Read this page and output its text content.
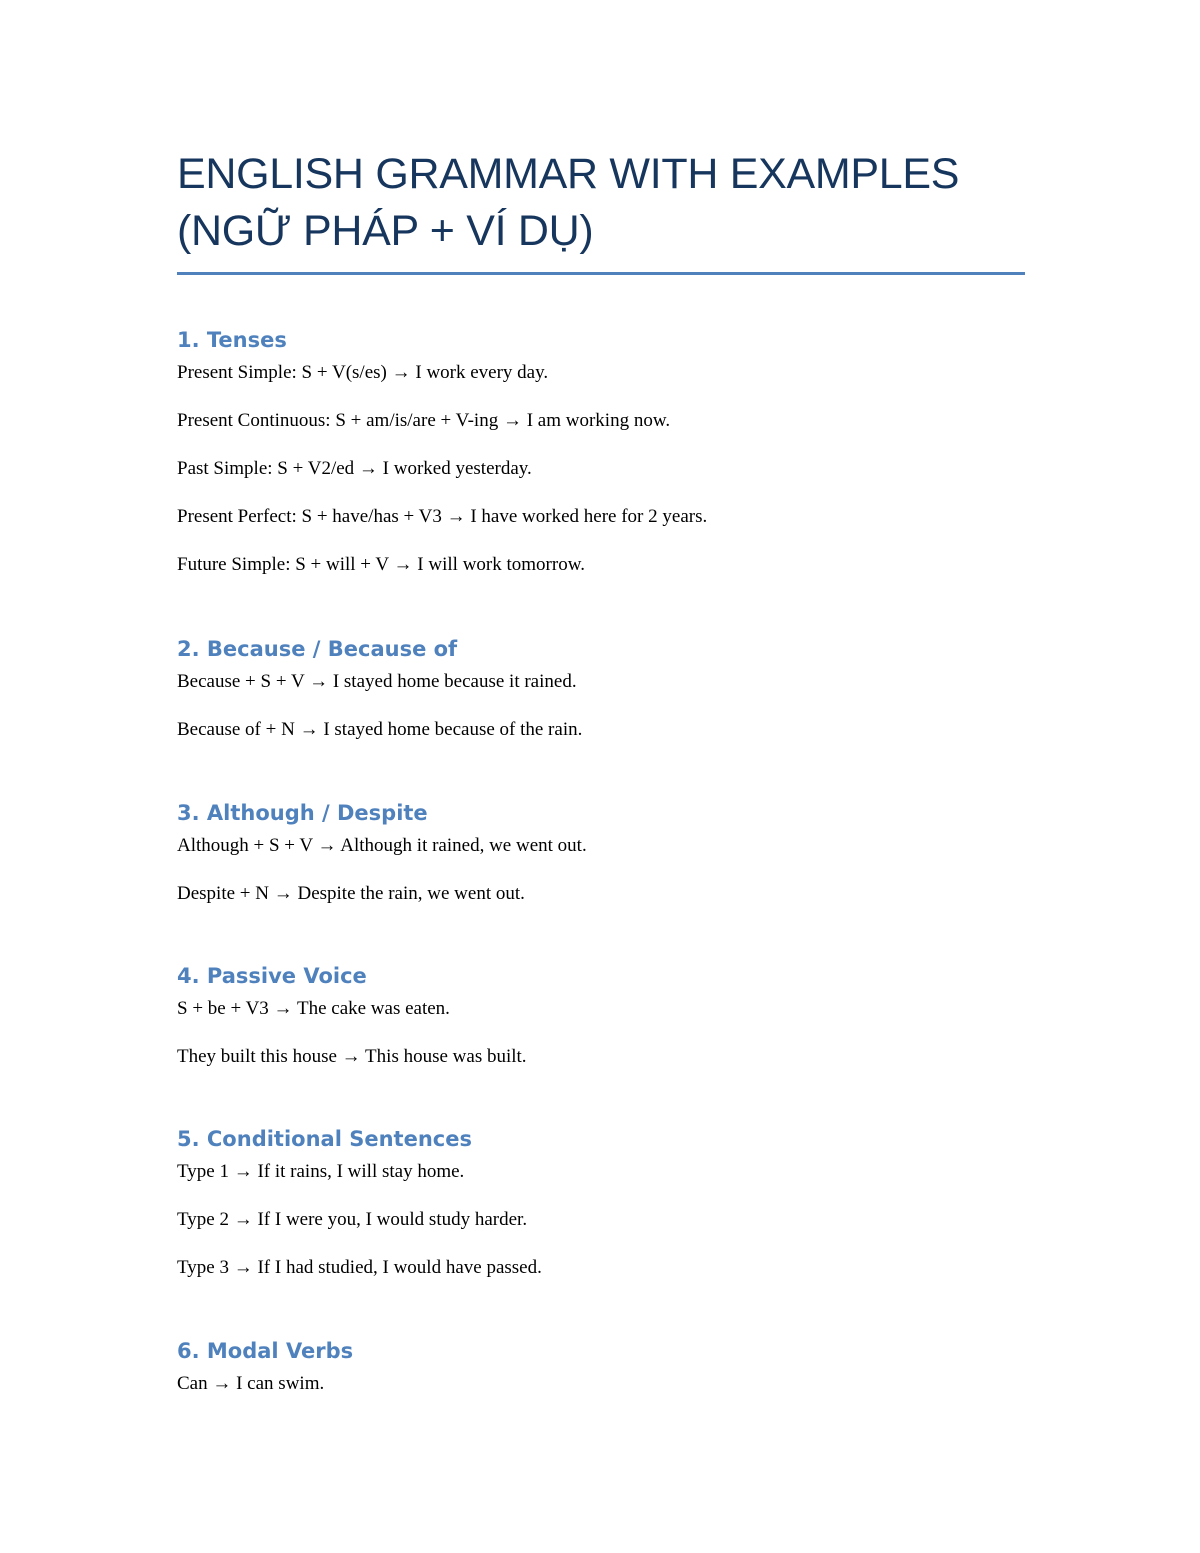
ENGLISH GRAMMAR WITH EXAMPLES
(NGỮ PHÁP + VÍ DỤ)
1. Tenses
Present Simple: S + V(s/es) → I work every day.
Present Continuous: S + am/is/are + V-ing → I am working now.
Past Simple: S + V2/ed → I worked yesterday.
Present Perfect: S + have/has + V3 → I have worked here for 2 years.
Future Simple: S + will + V → I will work tomorrow.
2. Because / Because of
Because + S + V → I stayed home because it rained.
Because of + N → I stayed home because of the rain.
3. Although / Despite
Although + S + V → Although it rained, we went out.
Despite + N → Despite the rain, we went out.
4. Passive Voice
S + be + V3 → The cake was eaten.
They built this house → This house was built.
5. Conditional Sentences
Type 1 → If it rains, I will stay home.
Type 2 → If I were you, I would study harder.
Type 3 → If I had studied, I would have passed.
6. Modal Verbs
Can → I can swim.
